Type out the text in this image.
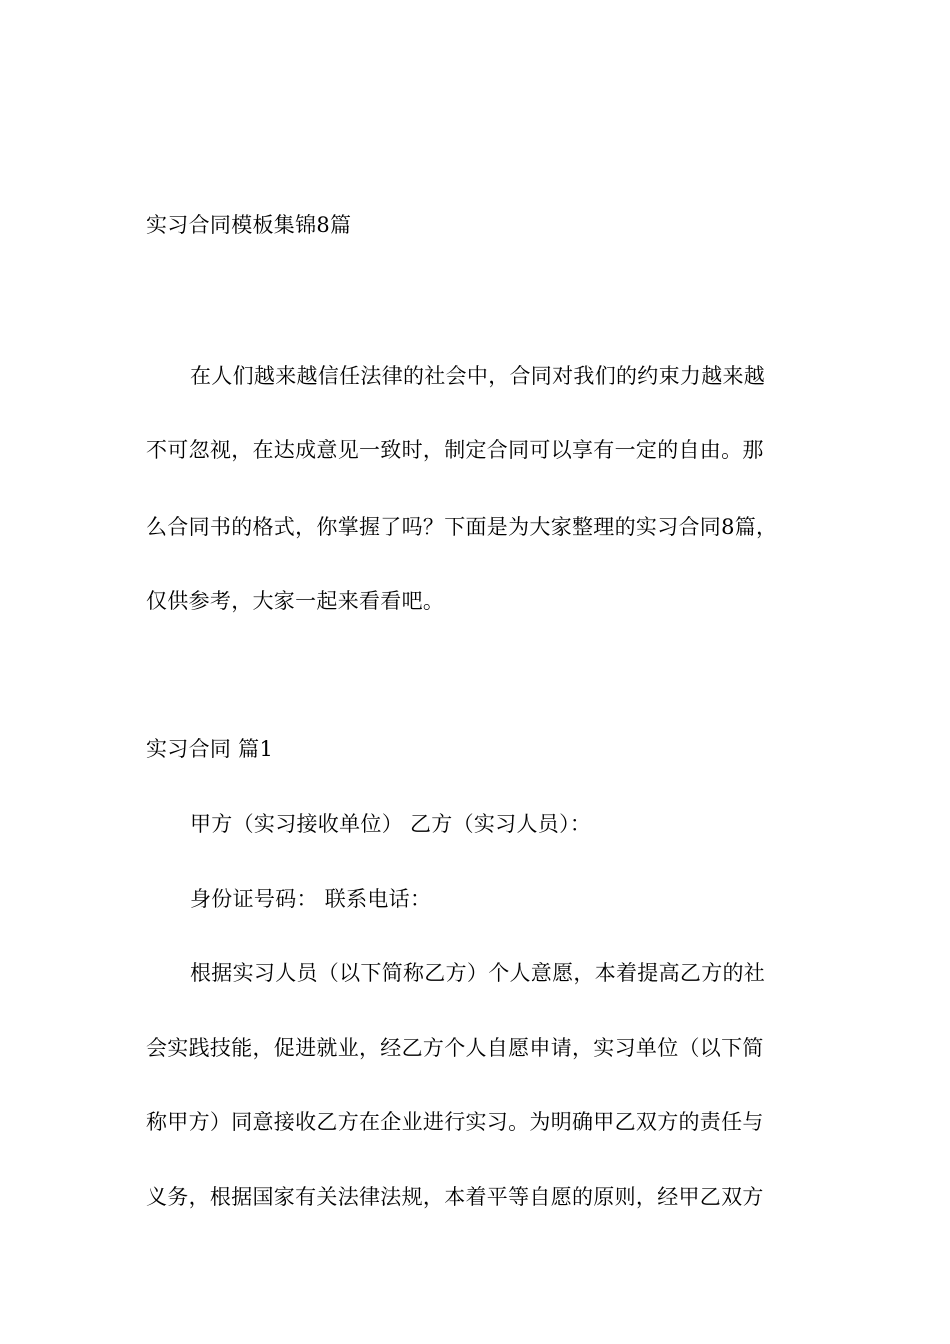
实习合同模板集锦8篇
在人们越来越信任法律的社会中，合同对我们的约束力越来越
不可忽视，在达成意见一致时，制定合同可以享有一定的自由。那
么合同书的格式，你掌握了吗？下面是为大家整理的实习合同8篇，
仅供参考，大家一起来看看吧。
实习合同 篇1
甲方（实习接收单位） 乙方（实习人员）：
身份证号码： 联系电话：
根据实习人员（以下简称乙方）个人意愿，本着提高乙方的社
会实践技能，促进就业，经乙方个人自愿申请，实习单位（以下简
称甲方）同意接收乙方在企业进行实习。为明确甲乙双方的责任与
义务，根据国家有关法律法规，本着平等自愿的原则，经甲乙双方
